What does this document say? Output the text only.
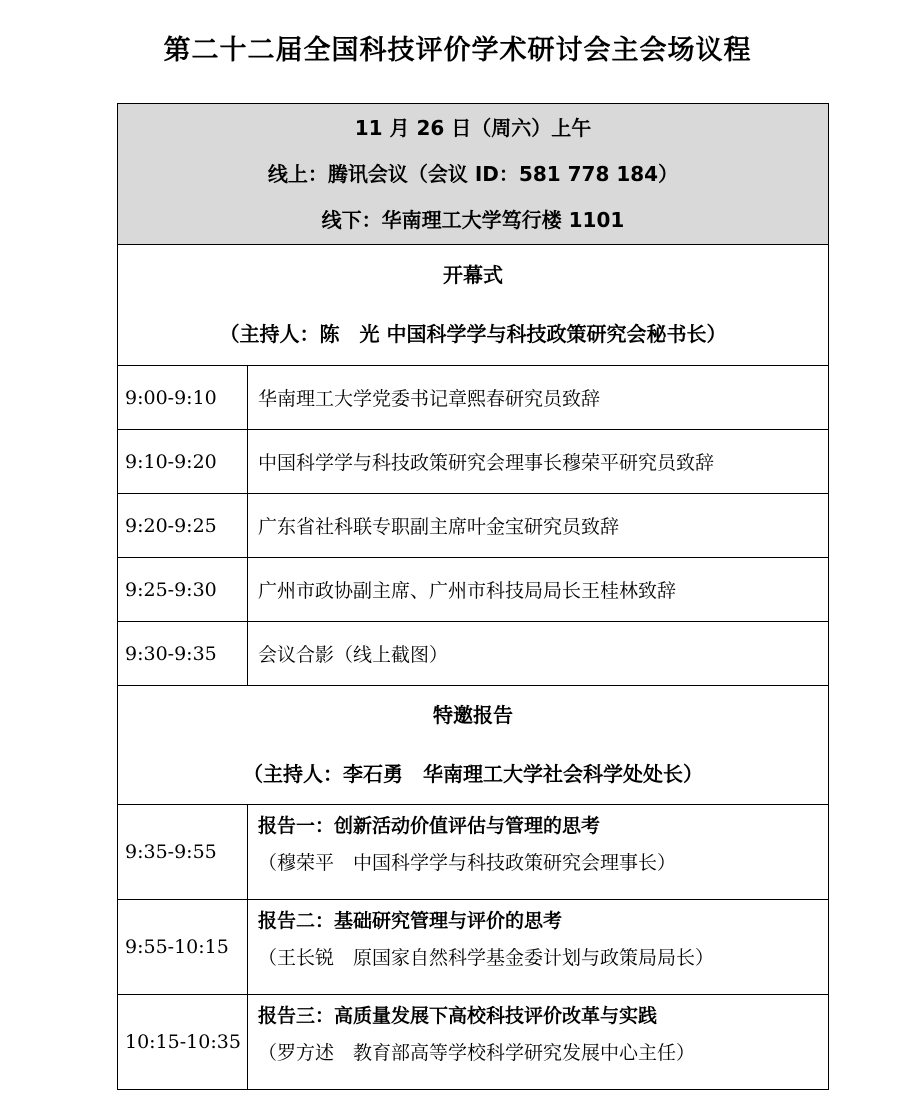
第二十二届全国科技评价学术研讨会主会场议程
11 月 26 日（周六）上午
线上：腾讯会议（会议 ID：581 778 184）
线下：华南理工大学笃行楼 1101	

开幕式
（主持人：陈　光 中国科学学与科技政策研究会秘书长）	

9:00-9:10	华南理工大学党委书记章熙春研究员致辞
9:10-9:20	中国科学学与科技政策研究会理事长穆荣平研究员致辞
9:20-9:25	广东省社科联专职副主席叶金宝研究员致辞
9:25-9:30	广州市政协副主席、广州市科技局局长王桂林致辞
9:30-9:35	会议合影（线上截图）

特邀报告
（主持人：李石勇　华南理工大学社会科学处处长）	

9:35-9:55	报告一：创新活动价值评估与管理的思考
（穆荣平　中国科学学与科技政策研究会理事长）

9:55-10:15	报告二：基础研究管理与评价的思考
（王长锐　原国家自然科学基金委计划与政策局局长）

10:15-10:35	报告三：高质量发展下高校科技评价改革与实践
（罗方述　教育部高等学校科学研究发展中心主任）
